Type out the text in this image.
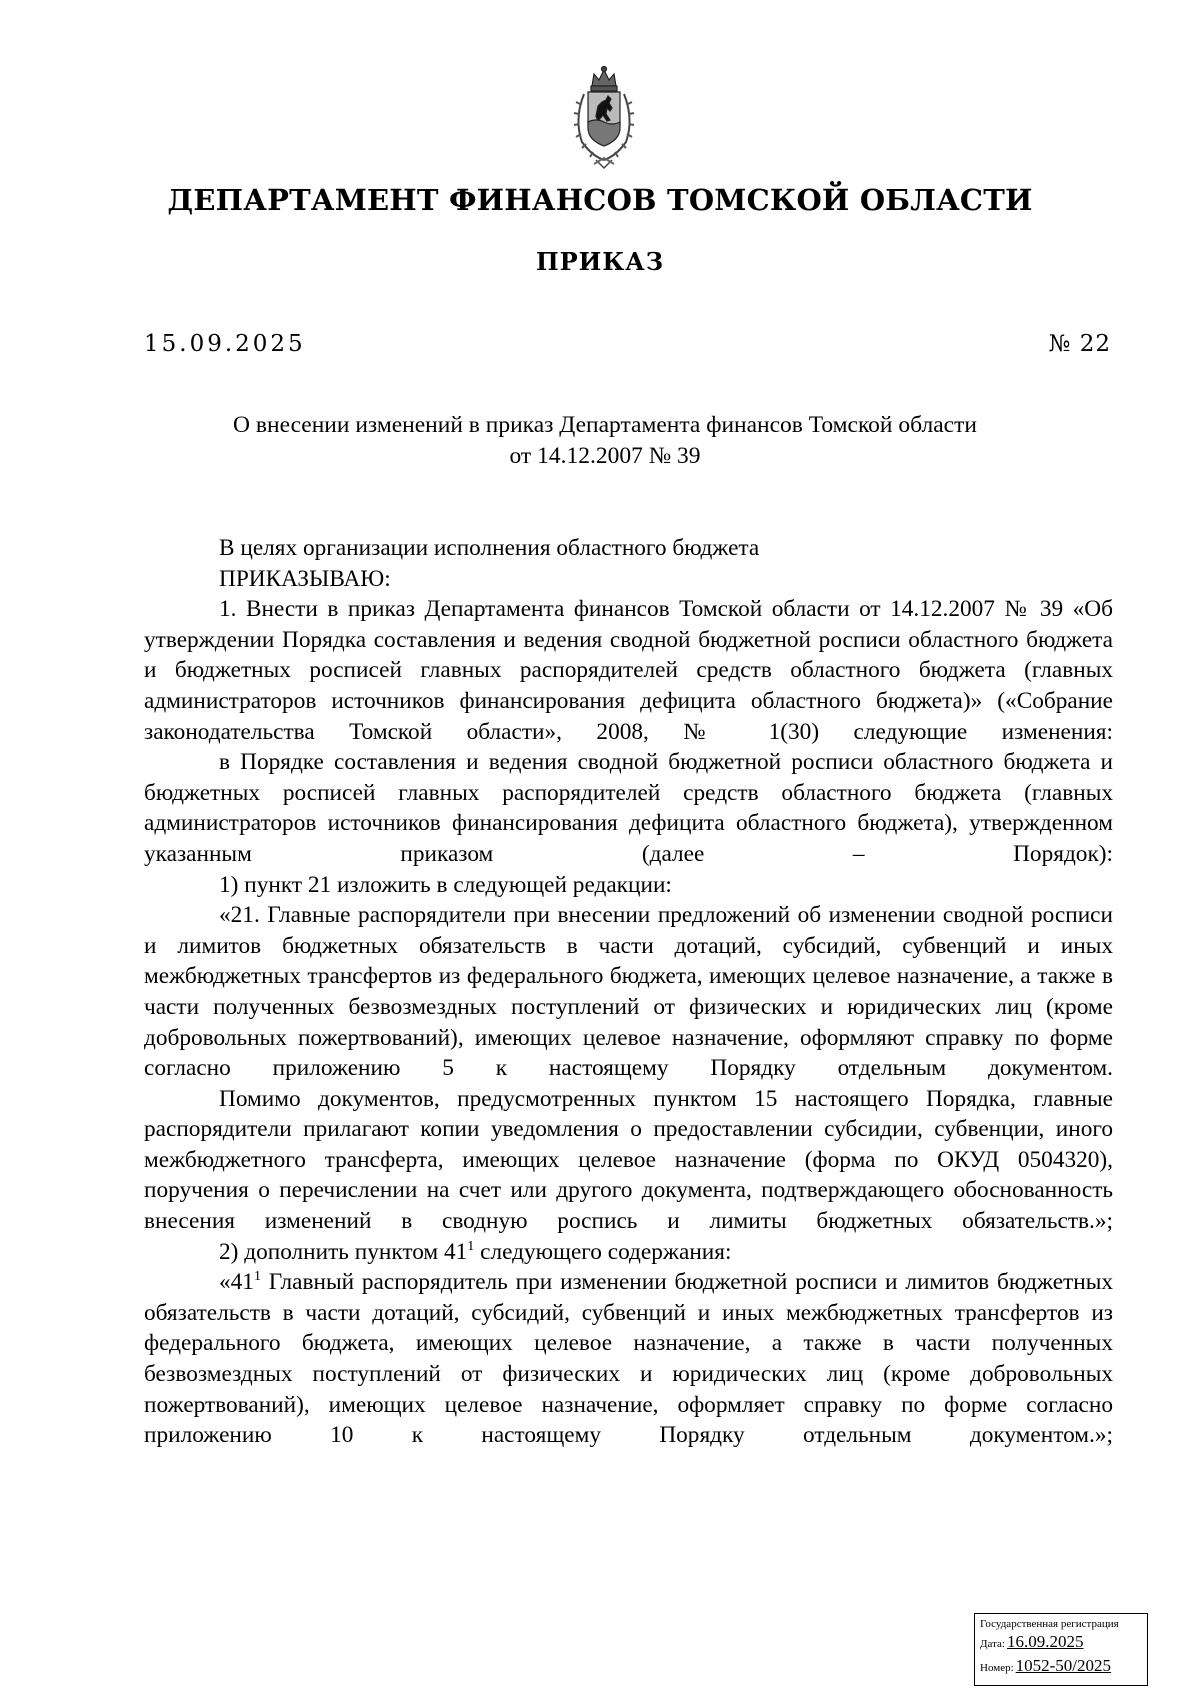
ДЕПАРТАМЕНТ ФИНАНСОВ ТОМСКОЙ ОБЛАСТИ
ПРИКАЗ
15.09.2025	№ 22
О внесении изменений в приказ Департамента финансов Томской области
от 14.12.2007 № 39

В целях организации исполнения областного бюджета

ПРИКАЗЫВАЮ:

1. Внести в приказ Департамента финансов Томской области от 14.12.2007 № 39 «Об утверждении Порядка составления и ведения сводной бюджетной росписи областного бюджета и бюджетных росписей главных распорядителей средств областного бюджета (главных администраторов источников финансирования дефицита областного бюджета)» («Собрание законодательства Томской области», 2008, № 1(30) следующие изменения:

в Порядке составления и ведения сводной бюджетной росписи областного бюджета и бюджетных росписей главных распорядителей средств областного бюджета (главных администраторов источников финансирования дефицита областного бюджета), утвержденном указанным приказом (далее – Порядок):

1) пункт 21 изложить в следующей редакции:

«21. Главные распорядители при внесении предложений об изменении сводной росписи и лимитов бюджетных обязательств в части дотаций, субсидий, субвенций и иных межбюджетных трансфертов из федерального бюджета, имеющих целевое назначение, а также в части полученных безвозмездных поступлений от физических и юридических лиц (кроме добровольных пожертвований), имеющих целевое назначение, оформляют справку по форме согласно приложению 5 к настоящему Порядку отдельным документом.

Помимо документов, предусмотренных пунктом 15 настоящего Порядка, главные распорядители прилагают копии уведомления о предоставлении субсидии, субвенции, иного межбюджетного трансферта, имеющих целевое назначение (форма по ОКУД 0504320), поручения о перечислении на счет или другого документа, подтверждающего обоснованность внесения изменений в сводную роспись и лимиты бюджетных обязательств.»;

2) дополнить пунктом $41^1$ следующего содержания:

«$41^1$ Главный распорядитель при изменении бюджетной росписи и лимитов бюджетных обязательств в части дотаций, субсидий, субвенций и иных межбюджетных трансфертов из федерального бюджета, имеющих целевое назначение, а также в части полученных безвозмездных поступлений от физических и юридических лиц (кроме добровольных пожертвований), имеющих целевое назначение, оформляет справку по форме согласно приложению 10 к настоящему Порядку отдельным документом.»;

Государственная регистрация
Дата: 16.09.2025
Номер: 1052-50/2025
